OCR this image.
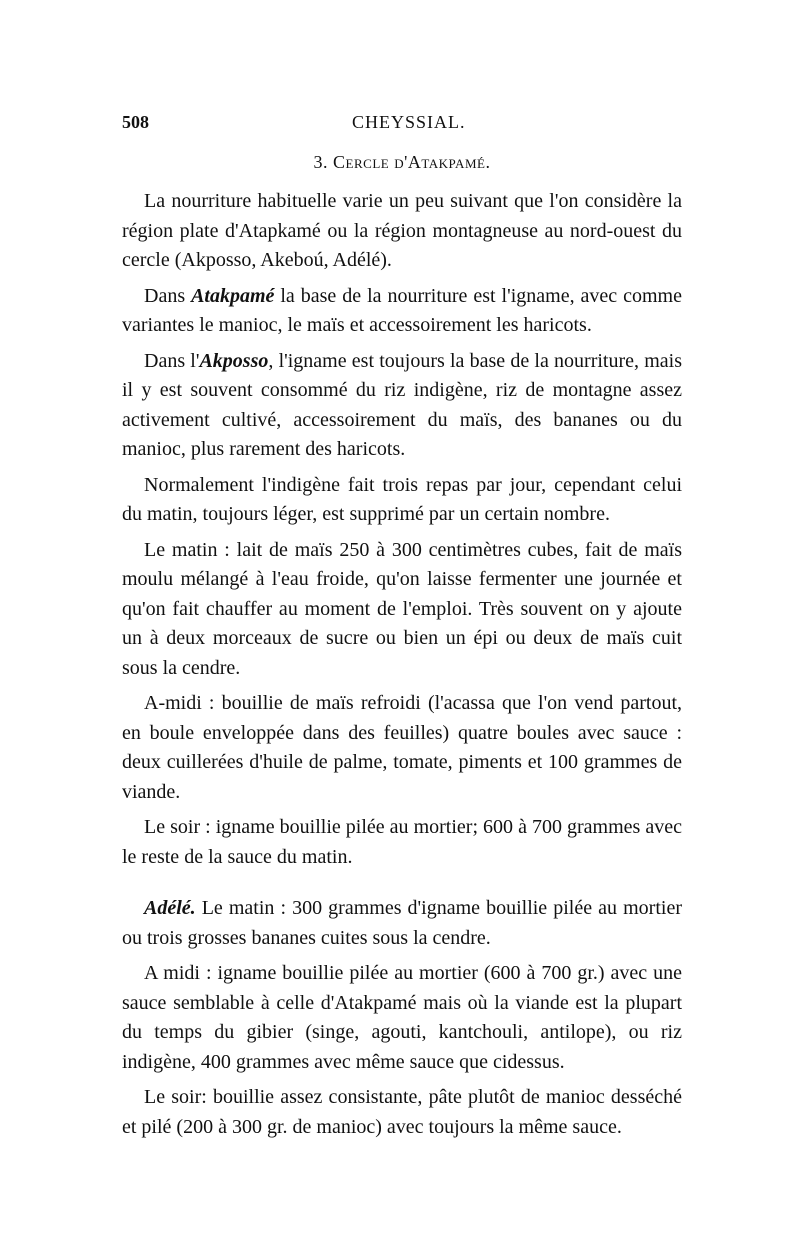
508	CHEYSSIAL.
3. Cercle d'Atakpamé.

La nourriture habituelle varie un peu suivant que l'on considère la région plate d'Atapkamé ou la région montagneuse au nord-ouest du cercle (Akposso, Akeboú, Adélé).

Dans Atakpamé la base de la nourriture est l'igname, avec comme variantes le manioc, le maïs et accessoirement les haricots.

Dans l'Akposso, l'igname est toujours la base de la nourriture, mais il y est souvent consommé du riz indigène, riz de montagne assez activement cultivé, accessoirement du maïs, des bananes ou du manioc, plus rarement des haricots.

Normalement l'indigène fait trois repas par jour, cependant celui du matin, toujours léger, est supprimé par un certain nombre.

Le matin : lait de maïs 250 à 300 centimètres cubes, fait de maïs moulu mélangé à l'eau froide, qu'on laisse fermenter une journée et qu'on fait chauffer au moment de l'emploi. Très souvent on y ajoute un à deux morceaux de sucre ou bien un épi ou deux de maïs cuit sous la cendre.

A-midi : bouillie de maïs refroidi (l'acassa que l'on vend partout, en boule enveloppée dans des feuilles) quatre boules avec sauce : deux cuillerées d'huile de palme, tomate, piments et 100 grammes de viande.

Le soir : igname bouillie pilée au mortier; 600 à 700 grammes avec le reste de la sauce du matin.

Adélé. Le matin : 300 grammes d'igname bouillie pilée au mortier ou trois grosses bananes cuites sous la cendre.

A midi : igname bouillie pilée au mortier (600 à 700 gr.) avec une sauce semblable à celle d'Atakpamé mais où la viande est la plupart du temps du gibier (singe, agouti, kantchouli, antilope), ou riz indigène, 400 grammes avec même sauce que cidessus.

Le soir: bouillie assez consistante, pâte plutôt de manioc desséché et pilé (200 à 300 gr. de manioc) avec toujours la même sauce.
